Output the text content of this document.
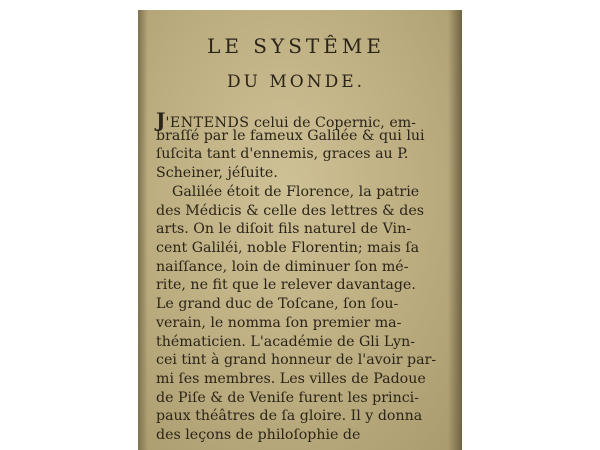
LE SYSTÊME
DU MONDE.

J'ENTENDS celui de Copernic, em-

braſſé par le fameux Galilée & qui lui

ſuſcita tant d'ennemis, graces au P.

Scheiner, jéſuite.

Galilée étoit de Florence, la patrie

des Médicis & celle des lettres & des

arts. On le diſoit fils naturel de Vin-

cent Galiléi, noble Florentin; mais ſa

naiſſance, loin de diminuer ſon mé-

rite, ne fit que le relever davantage.

Le grand duc de Toſcane, ſon ſou-

verain, le nomma ſon premier ma-

thématicien. L'académie de Gli Lyn-

cei tint à grand honneur de l'avoir par-

mi ſes membres. Les villes de Padoue

de Piſe & de Veniſe furent les princi-

paux théâtres de ſa gloire. Il y donna

des leçons de philoſophie de
